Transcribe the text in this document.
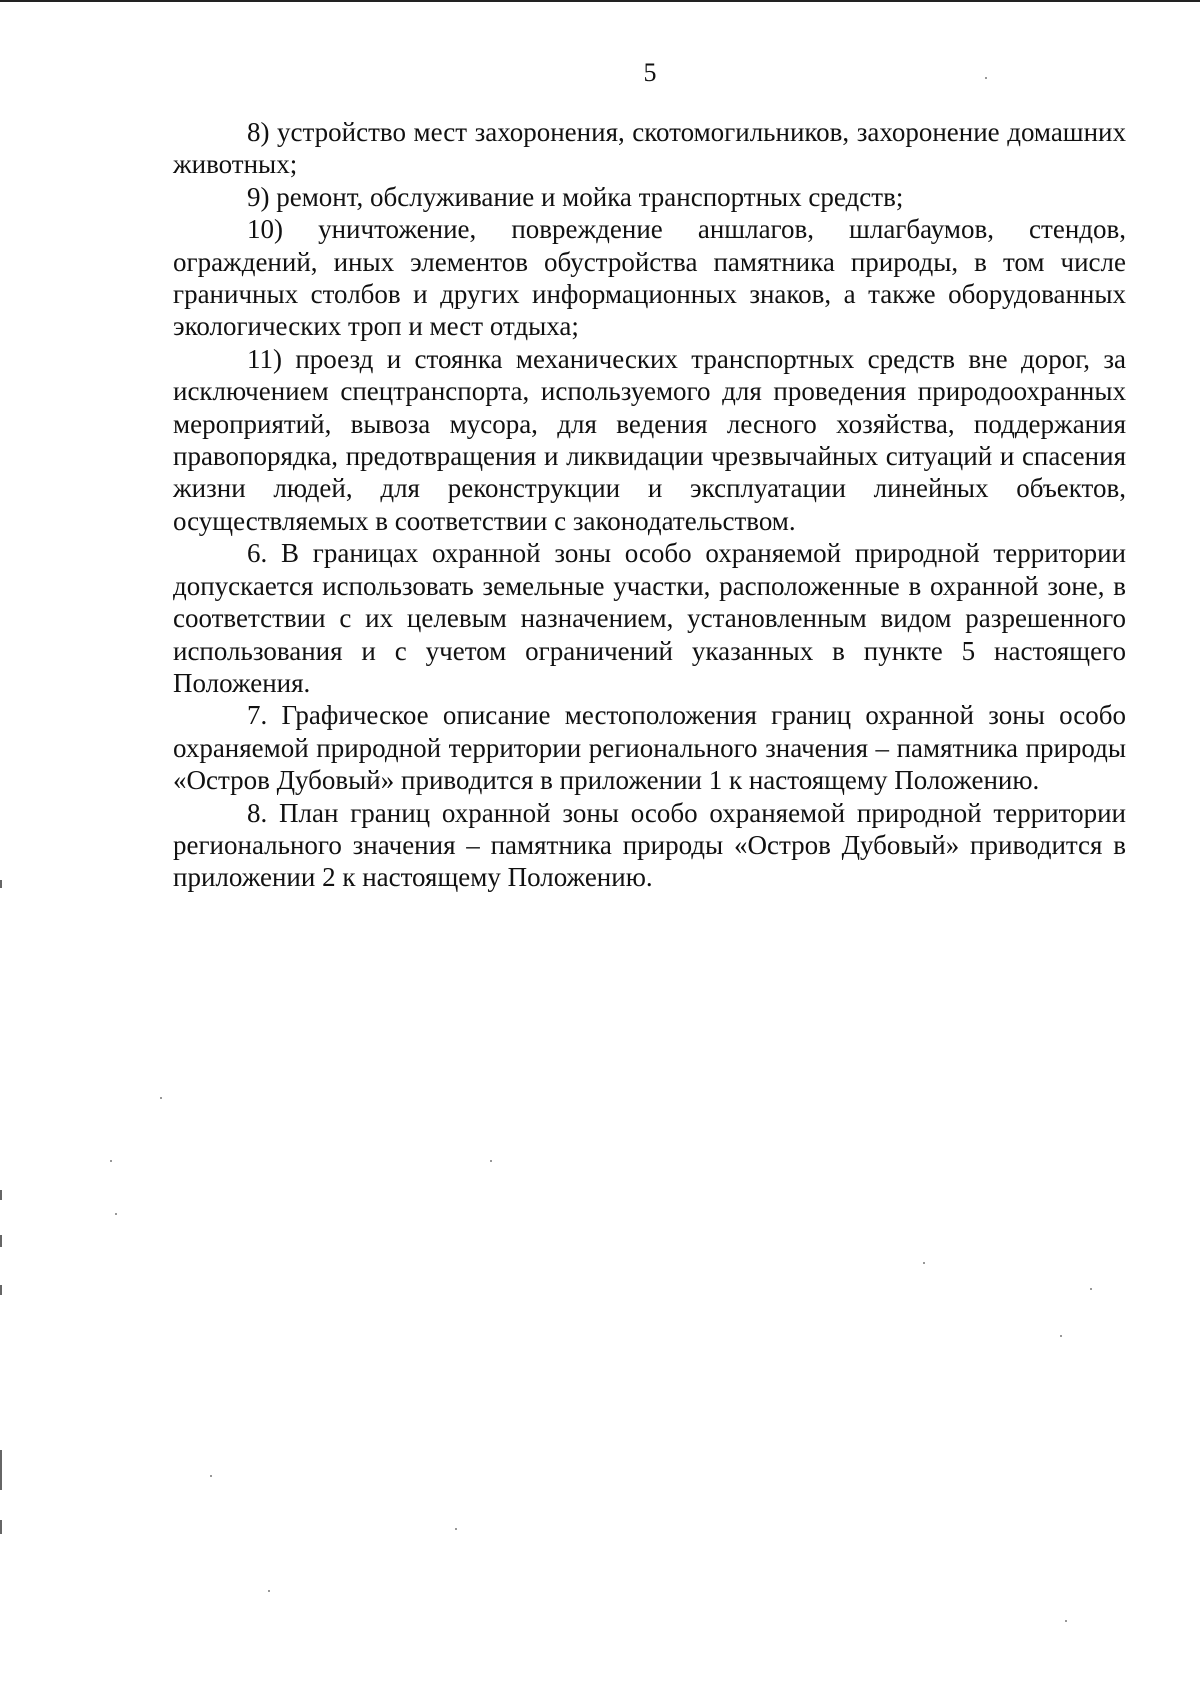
5

8) устройство мест захоронения, скотомогильников, захоронение домашних животных;

9) ремонт, обслуживание и мойка транспортных средств;

10) уничтожение, повреждение аншлагов, шлагбаумов, стендов, ограждений, иных элементов обустройства памятника природы, в том числе граничных столбов и других информационных знаков, а также оборудованных экологических троп и мест отдыха;

11) проезд и стоянка механических транспортных средств вне дорог, за исключением спецтранспорта, используемого для проведения природоохранных мероприятий, вывоза мусора, для ведения лесного хозяйства, поддержания правопорядка, предотвращения и ликвидации чрезвычайных ситуаций и спасения жизни людей, для реконструкции и эксплуатации линейных объектов, осуществляемых в соответствии с законодательством.

6. В границах охранной зоны особо охраняемой природной территории допускается использовать земельные участки, расположенные в охранной зоне, в соответствии с их целевым назначением, установленным видом разрешенного использования и с учетом ограничений указанных в пункте 5 настоящего Положения.

7. Графическое описание местоположения границ охранной зоны особо охраняемой природной территории регионального значения – памятника природы «Остров Дубовый» приводится в приложении 1 к настоящему Положению.

8. План границ охранной зоны особо охраняемой природной территории регионального значения – памятника природы «Остров Дубовый» приводится в приложении 2 к настоящему Положению.
